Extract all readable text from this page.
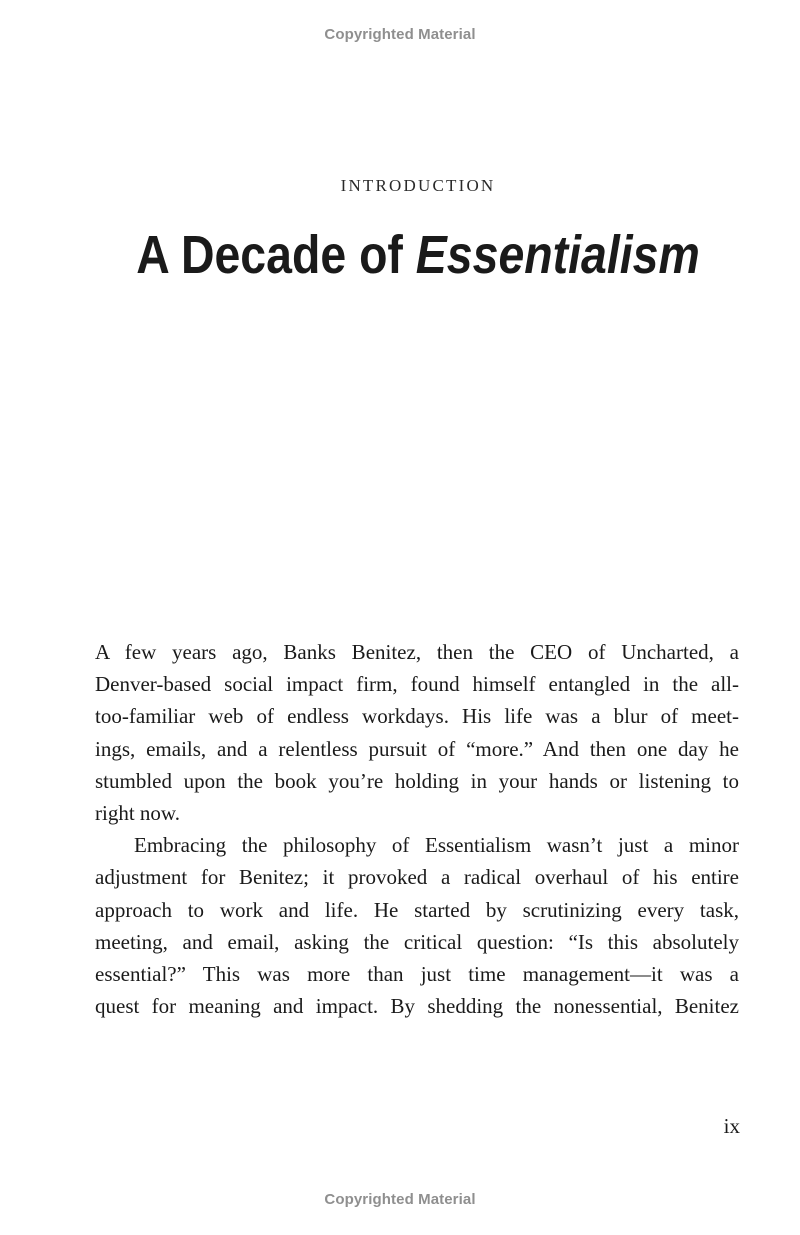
Copyrighted Material
INTRODUCTION
A Decade of Essentialism

A few years ago, Banks Benitez, then the CEO of Uncharted, a
Denver-based social impact firm, found himself entangled in the all-
too-familiar web of endless workdays. His life was a blur of meet-
ings, emails, and a relentless pursuit of “more.” And then one day he
stumbled upon the book you’re holding in your hands or listening to
right now.

Embracing the philosophy of Essentialism wasn’t just a minor
adjustment for Benitez; it provoked a radical overhaul of his entire
approach to work and life. He started by scrutinizing every task,
meeting, and email, asking the critical question: “Is this absolutely
essential?” This was more than just time management—it was a
quest for meaning and impact. By shedding the nonessential, Benitez

ix
Copyrighted Material
